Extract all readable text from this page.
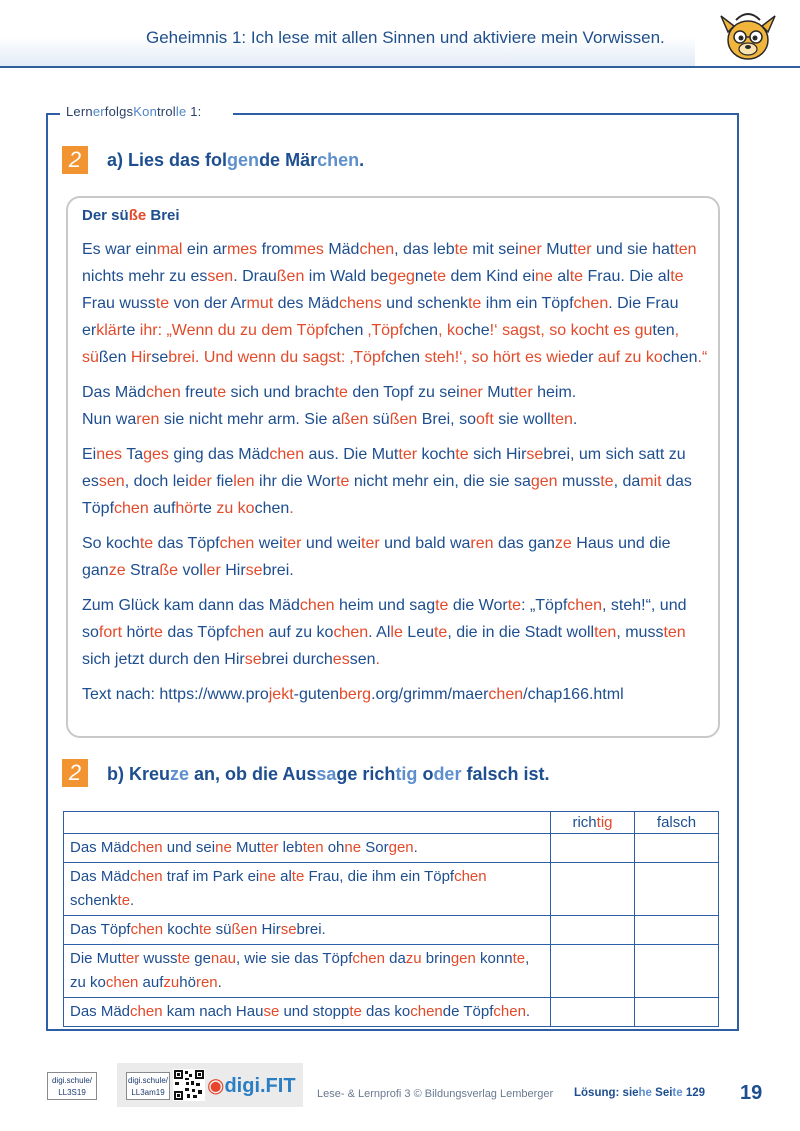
Geheimnis 1: Ich lese mit allen Sinnen und aktiviere mein Vorwissen.
LernerfolgsKontrolle 1:
2	a) Lies das folgende Märchen.
Der süße Brei

Es war einmal ein armes frommes Mädchen, das lebte mit seiner Mutter und sie hatten nichts mehr zu essen. Draußen im Wald begegnete dem Kind eine alte Frau. Die alte Frau wusste von der Armut des Mädchens und schenkte ihm ein Töpfchen. Die Frau erklärte ihr: „Wenn du zu dem Töpfchen ‚Töpfchen, koche!‘ sagst, so kocht es guten, süßen Hirsebrei. Und wenn du sagst: ‚Töpfchen steh!‘, so hört es wieder auf zu kochen.“

Das Mädchen freute sich und brachte den Topf zu seiner Mutter heim.

Nun waren sie nicht mehr arm. Sie aßen süßen Brei, sooft sie wollten.

Eines Tages ging das Mädchen aus. Die Mutter kochte sich Hirsebrei, um sich satt zu essen, doch leider fielen ihr die Worte nicht mehr ein, die sie sagen musste, damit das Töpfchen aufhörte zu kochen.

So kochte das Töpfchen weiter und weiter und bald waren das ganze Haus und die ganze Straße voller Hirsebrei.

Zum Glück kam dann das Mädchen heim und sagte die Worte: „Töpfchen, steh!“, und sofort hörte das Töpfchen auf zu kochen. Alle Leute, die in die Stadt wollten, mussten sich jetzt durch den Hirsebrei durchessen.

Text nach: https://www.projekt-gutenberg.org/grimm/maerchen/chap166.html

2	b) Kreuze an, ob die Aussage richtig oder falsch ist.
	richtig	falsch
Das Mädchen und seine Mutter lebten ohne Sorgen.		
Das Mädchen traf im Park eine alte Frau, die ihm ein Töpfchen schenkte.		
Das Töpfchen kochte süßen Hirsebrei.		
Die Mutter wusste genau, wie sie das Töpfchen dazu bringen konnte, zu kochen aufzuhören.		
Das Mädchen kam nach Hause und stoppte das kochende Töpfchen.		
digi.schule/ LL3S19
digi.schule/ LL3am19 ◉digi.FIT Lese- & Lernprofi 3 © Bildungsverlag Lemberger Lösung: siehe Seite 129 19
